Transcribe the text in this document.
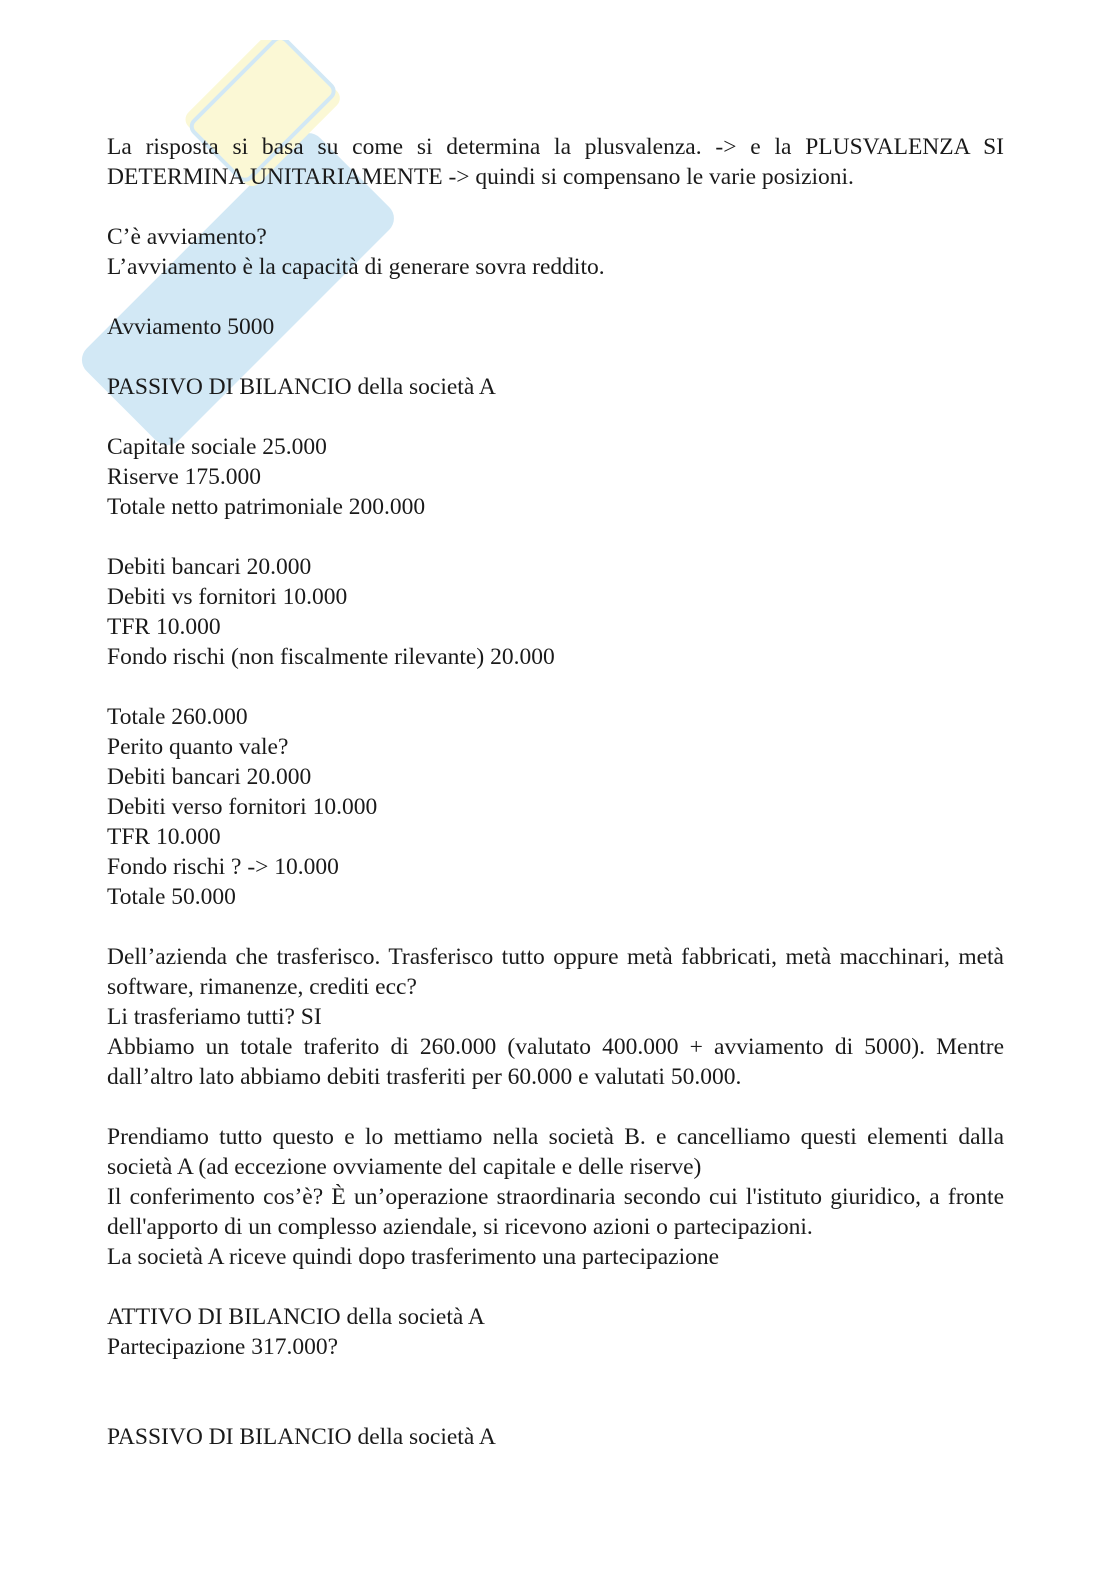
La risposta si basa su come si determina la plusvalenza. -> e la PLUSVALENZA SI DETERMINA UNITARIAMENTE -> quindi si compensano le varie posizioni.

C’è avviamento?

L’avviamento è la capacità di generare sovra reddito.

Avviamento 5000

PASSIVO DI BILANCIO della società A

Capitale sociale 25.000

Riserve 175.000

Totale netto patrimoniale 200.000

Debiti bancari 20.000

Debiti vs fornitori 10.000

TFR 10.000

Fondo rischi (non fiscalmente rilevante) 20.000

Totale 260.000

Perito quanto vale?

Debiti bancari 20.000

Debiti verso fornitori 10.000

TFR 10.000

Fondo rischi ? -> 10.000

Totale 50.000

Dell’azienda che trasferisco. Trasferisco tutto oppure metà fabbricati, metà macchinari, metà software, rimanenze, crediti ecc?

Li trasferiamo tutti? SI

Abbiamo un totale traferito di 260.000 (valutato 400.000 + avviamento di 5000). Mentre dall’altro lato abbiamo debiti trasferiti per 60.000 e valutati 50.000.

Prendiamo tutto questo e lo mettiamo nella società B. e cancelliamo questi elementi dalla società A (ad eccezione ovviamente del capitale e delle riserve)

Il conferimento cos’è? È un’operazione straordinaria secondo cui l'istituto giuridico, a fronte dell'apporto di un complesso aziendale, si ricevono azioni o partecipazioni.

La società A riceve quindi dopo trasferimento una partecipazione

ATTIVO DI BILANCIO della società A

Partecipazione 317.000?

PASSIVO DI BILANCIO della società A
